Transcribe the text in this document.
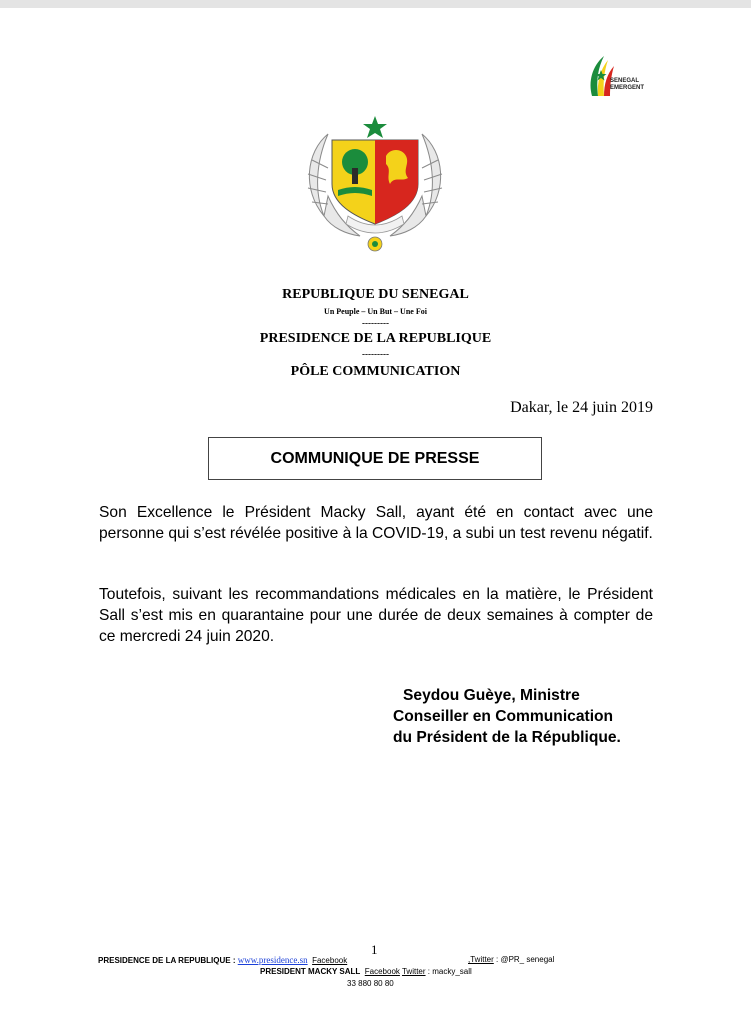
SENEGAL
EMERGENT
REPUBLIQUE DU SENEGAL
Un Peuple – Un But – Une Foi
---------
PRESIDENCE DE LA REPUBLIQUE
---------
PÔLE COMMUNICATION
Dakar, le 24 juin 2019
COMMUNIQUE DE PRESSE

Son Excellence le Président Macky Sall, ayant été en contact avec une personne qui s’est révélée positive à la COVID-19, a subi un test revenu négatif.

Toutefois, suivant les recommandations médicales en la matière, le Président Sall s’est mis en quarantaine pour une durée de deux semaines à compter de ce mercredi 24 juin 2020.

Seydou Guèye, Ministre
Conseiller en Communication
du Président de la République.
1
PRESIDENCE DE LA REPUBLIQUE : www.presidence.sn Facebook	,Twitter : @PR_ senegal
PRESIDENT MACKY SALL Facebook Twitter : macky_sall
33 880 80 80
